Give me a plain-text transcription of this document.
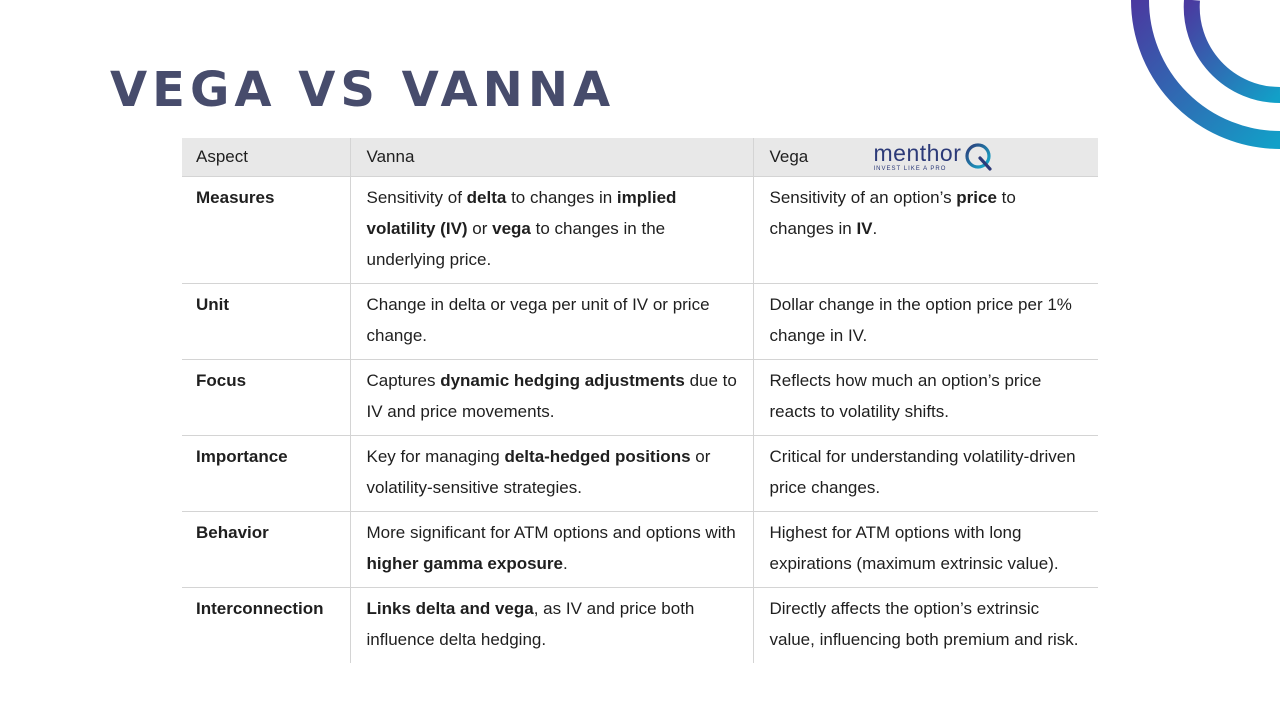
VEGA VS VANNA
Aspect	Vanna	Vega menthor
INVEST LIKE A PRO

Measures	Sensitivity of delta to changes in implied volatility (IV) or vega to changes in the underlying price.	Sensitivity of an option’s price to changes in IV.
Unit	Change in delta or vega per unit of IV or price change.	Dollar change in the option price per 1% change in IV.
Focus	Captures dynamic hedging adjustments due to IV and price movements.	Reflects how much an option’s price reacts to volatility shifts.
Importance	Key for managing delta-hedged positions or volatility-sensitive strategies.	Critical for understanding volatility-driven price changes.
Behavior	More significant for ATM options and options with higher gamma exposure.	Highest for ATM options with long expirations (maximum extrinsic value).
Interconnection	Links delta and vega, as IV and price both influence delta hedging.	Directly affects the option’s extrinsic value, influencing both premium and risk.
